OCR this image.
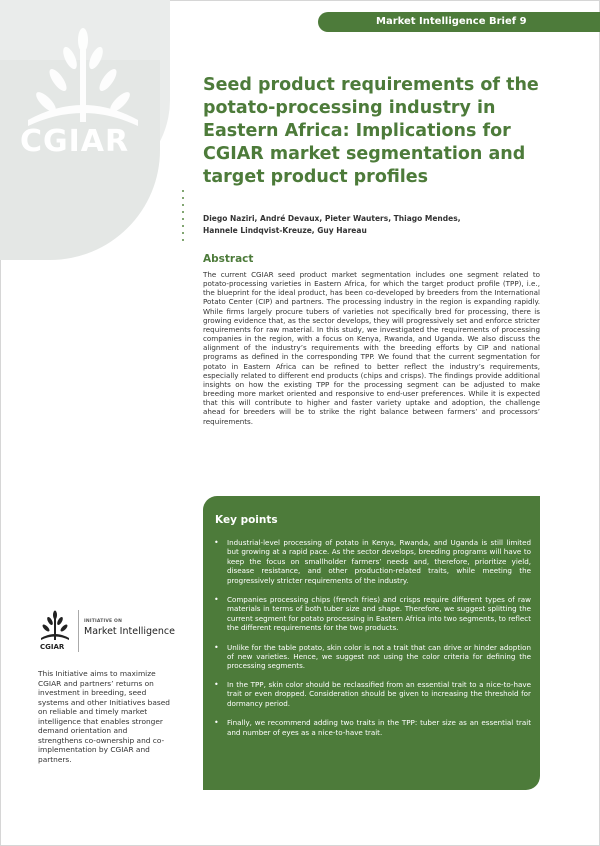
CGIAR
Market Intelligence Brief 9
Seed product requirements of the potato-processing industry in Eastern Africa: Implications for CGIAR market segmentation and target product profiles
Diego Naziri, André Devaux, Pieter Wauters, Thiago Mendes,
Hannele Lindqvist-Kreuze, Guy Hareau
Abstract

The current CGIAR seed product market segmentation includes one segment related to potato-processing varieties in Eastern Africa, for which the target product profile (TPP), i.e., the blueprint for the ideal product, has been co-developed by breeders from the International Potato Center (CIP) and partners. The processing industry in the region is expanding rapidly. While firms largely procure tubers of varieties not specifically bred for processing, there is growing evidence that, as the sector develops, they will progressively set and enforce stricter requirements for raw material. In this study, we investigated the requirements of processing companies in the region, with a focus on Kenya, Rwanda, and Uganda. We also discuss the alignment of the industry’s requirements with the breeding efforts by CIP and national programs as defined in the corresponding TPP. We found that the current segmentation for potato in Eastern Africa can be refined to better reflect the industry’s requirements, especially related to different end products (chips and crisps). The findings provide additional insights on how the existing TPP for the processing segment can be adjusted to make breeding more market oriented and responsive to end-user preferences. While it is expected that this will contribute to higher and faster variety uptake and adoption, the challenge ahead for breeders will be to strike the right balance between farmers’ and processors’ requirements.

Key points
• Industrial-level processing of potato in Kenya, Rwanda, and Uganda is still limited but growing at a rapid pace. As the sector develops, breeding programs will have to keep the focus on smallholder farmers’ needs and, therefore, prioritize yield, disease resistance, and other production-related traits, while meeting the progressively stricter requirements of the industry.
• Companies processing chips (french fries) and crisps require different types of raw materials in terms of both tuber size and shape. Therefore, we suggest splitting the current segment for potato processing in Eastern Africa into two segments, to reflect the different requirements for the two products.
• Unlike for the table potato, skin color is not a trait that can drive or hinder adoption of new varieties. Hence, we suggest not using the color criteria for defining the processing segments.
• In the TPP, skin color should be reclassified from an essential trait to a nice-to-have trait or even dropped. Consideration should be given to increasing the threshold for dormancy period.
• Finally, we recommend adding two traits in the TPP: tuber size as an essential trait and number of eyes as a nice-to-have trait.
CGIAR
INITIATIVE ON
Market Intelligence

This Initiative aims to maximize CGIAR and partners’ returns on investment in breeding, seed systems and other Initiatives based on reliable and timely market intelligence that enables stronger demand orientation and strengthens co-ownership and co-implementation by CGIAR and partners.
